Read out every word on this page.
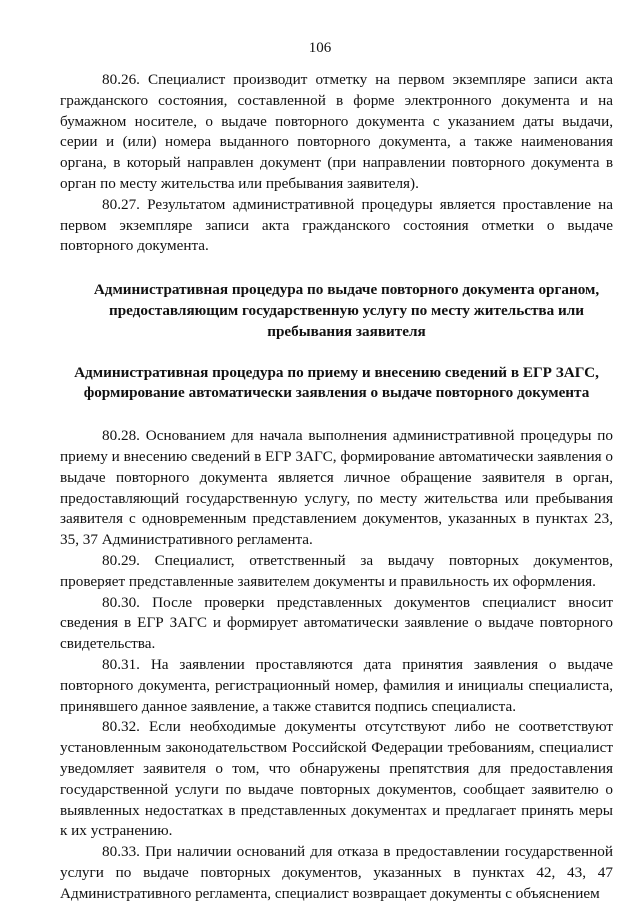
106

80.26. Специалист производит отметку на первом экземпляре записи акта гражданского состояния, составленной в форме электронного документа и на бумажном носителе, о выдаче повторного документа с указанием даты выдачи, серии и (или) номера выданного повторного документа, а также наименования органа, в который направлен документ (при направлении повторного документа в орган по месту жительства или пребывания заявителя).

80.27. Результатом административной процедуры является проставление на первом экземпляре записи акта гражданского состояния отметки о выдаче повторного документа.

Административная процедура по выдаче повторного документа органом, предоставляющим государственную услугу по месту жительства или пребывания заявителя
Административная процедура по приему и внесению сведений в ЕГР ЗАГС, формирование автоматически заявления о выдаче повторного документа

80.28. Основанием для начала выполнения административной процедуры по приему и внесению сведений в ЕГР ЗАГС, формирование автоматически заявления о выдаче повторного документа является личное обращение заявителя в орган, предоставляющий государственную услугу, по месту жительства или пребывания заявителя с одновременным представлением документов, указанных в пунктах 23, 35, 37 Административного регламента.

80.29. Специалист, ответственный за выдачу повторных документов, проверяет представленные заявителем документы и правильность их оформления.

80.30. После проверки представленных документов специалист вносит сведения в ЕГР ЗАГС и формирует автоматически заявление о выдаче повторного свидетельства.

80.31. На заявлении проставляются дата принятия заявления о выдаче повторного документа, регистрационный номер, фамилия и инициалы специалиста, принявшего данное заявление, а также ставится подпись специалиста.

80.32. Если необходимые документы отсутствуют либо не соответствуют установленным законодательством Российской Федерации требованиям, специалист уведомляет заявителя о том, что обнаружены препятствия для предоставления государственной услуги по выдаче повторных документов, сообщает заявителю о выявленных недостатках в представленных документах и предлагает принять меры к их устранению.

80.33. При наличии оснований для отказа в предоставлении государственной услуги по выдаче повторных документов, указанных в пунктах 42, 43, 47 Административного регламента, специалист возвращает документы с объяснением
